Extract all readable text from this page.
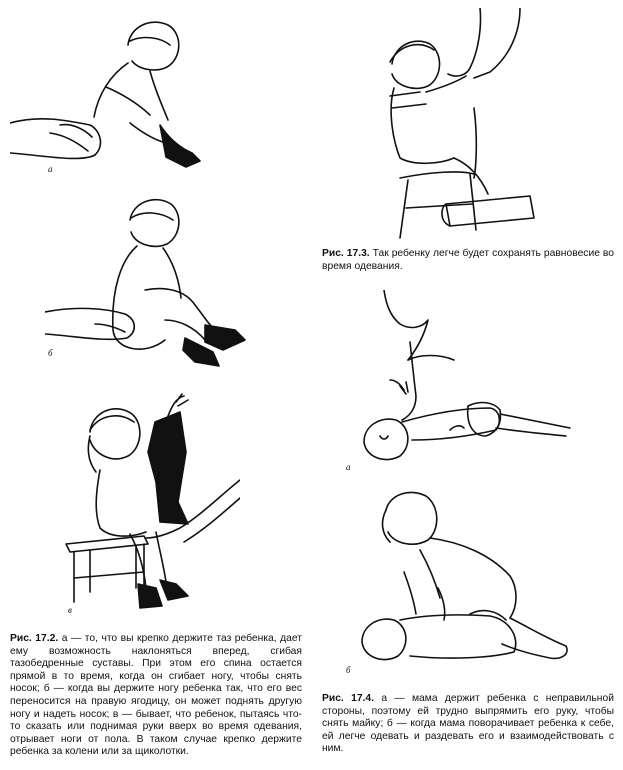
а
б
в
Рис. 17.2. а — то, что вы крепко держите таз ребенка, дает ему возможность наклоняться вперед, сгибая тазобедренные суставы. При этом его спина остается прямой в то время, когда он сгибает ногу, чтобы снять носок; б — когда вы держите ногу ребенка так, что его вес переносится на правую ягодицу, он может поднять другую ногу и надеть носок; в — бывает, что ребенок, пытаясь что-то сказать или поднимая руки вверх во время одевания, отрывает ноги от пола. В таком случае крепко держите ребенка за колени или за щиколотки.
Рис. 17.3. Так ребенку легче будет сохранять равновесие во время одевания.
а
б
Рис. 17.4. а — мама держит ребенка с неправильной стороны, поэтому ей трудно выпрямить его руку, чтобы снять майку; б — когда мама поворачивает ребенка к себе, ей легче одевать и раздевать его и взаимодействовать с ним.
